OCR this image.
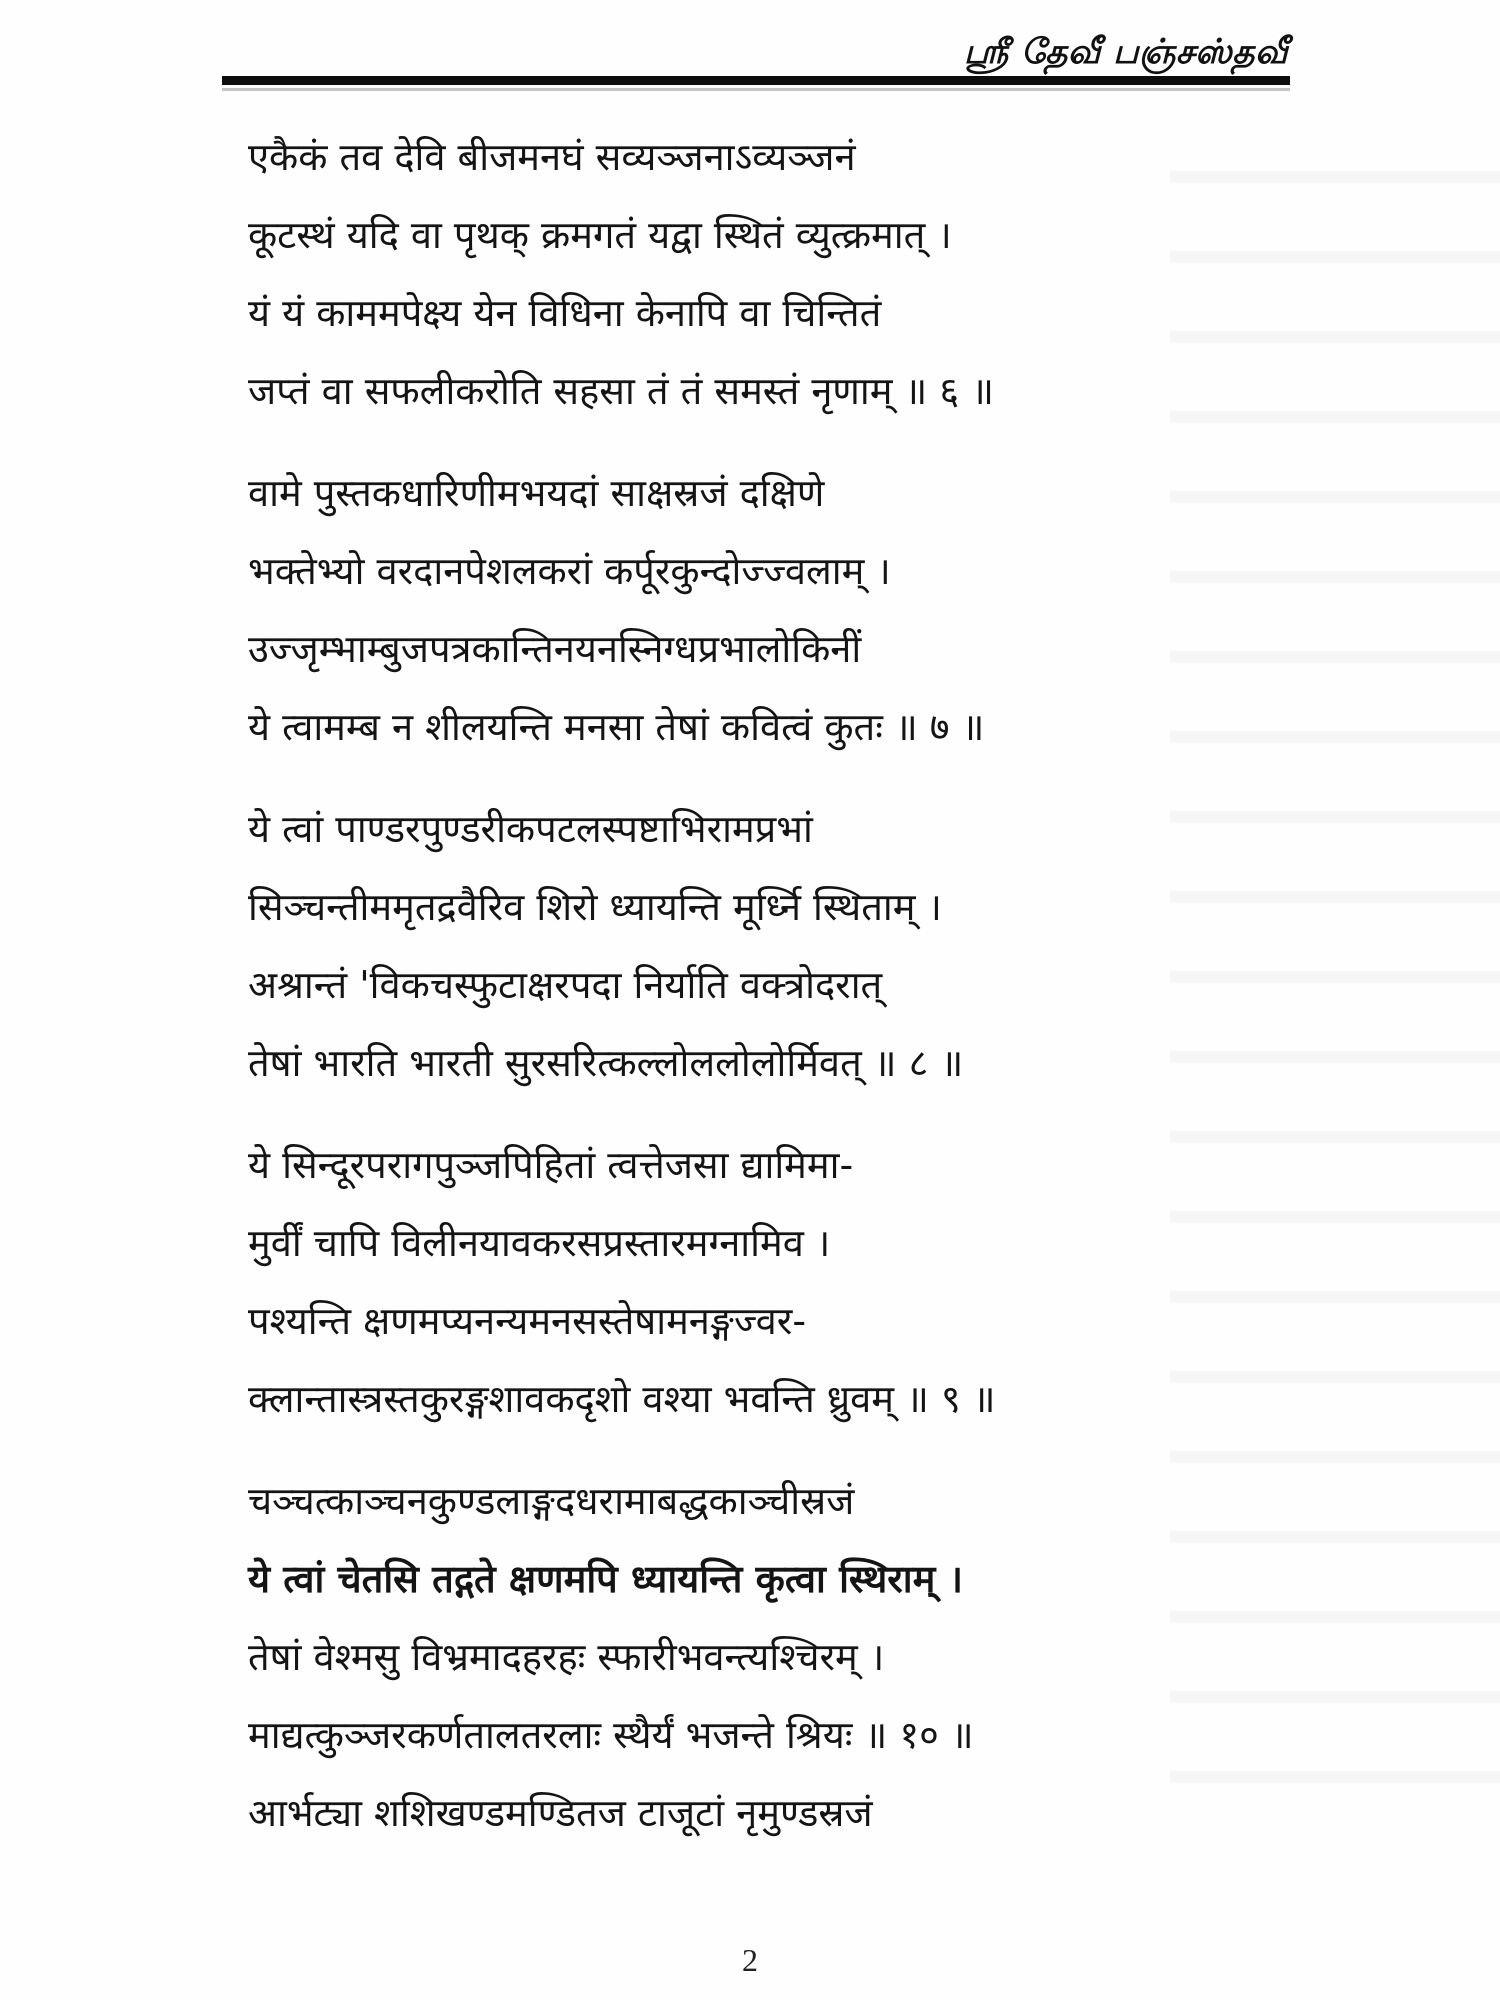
ஸ்ரீ தேவீ பஞ்சஸ்தவீ
एकैकं तव देवि बीजमनघं सव्यञ्जनाऽव्यञ्जनं
कूटस्थं यदि वा पृथक् क्रमगतं यद्वा स्थितं व्युत्क्रमात् ।
यं यं काममपेक्ष्य येन विधिना केनापि वा चिन्तितं
जप्तं वा सफलीकरोति सहसा तं तं समस्तं नृणाम् ॥ ६ ॥
वामे पुस्तकधारिणीमभयदां साक्षस्रजं दक्षिणे
भक्तेभ्यो वरदानपेशलकरां कर्पूरकुन्दोज्ज्वलाम् ।
उज्जृम्भाम्बुजपत्रकान्तिनयनस्निग्धप्रभालोकिनीं
ये त्वामम्ब न शीलयन्ति मनसा तेषां कवित्वं कुतः ॥ ७ ॥
ये त्वां पाण्डरपुण्डरीकपटलस्पष्टाभिरामप्रभां
सिञ्चन्तीममृतद्रवैरिव शिरो ध्यायन्ति मूर्ध्नि स्थिताम् ।
अश्रान्तं 'विकचस्फुटाक्षरपदा निर्याति वक्त्रोदरात्
तेषां भारति भारती सुरसरित्कल्लोललोलोर्मिवत् ॥ ८ ॥
ये सिन्दूरपरागपुञ्जपिहितां त्वत्तेजसा द्यामिमा-
मुर्वीं चापि विलीनयावकरसप्रस्तारमग्नामिव ।
पश्यन्ति क्षणमप्यनन्यमनसस्तेषामनङ्गज्वर-
क्लान्तास्त्रस्तकुरङ्गशावकदृशो वश्या भवन्ति ध्रुवम् ॥ ९ ॥
चञ्चत्काञ्चनकुण्डलाङ्गदधरामाबद्धकाञ्चीस्रजं
ये त्वां चेतसि तद्गते क्षणमपि ध्यायन्ति कृत्वा स्थिराम् ।
तेषां वेश्मसु विभ्रमादहरहः स्फारीभवन्त्यश्चिरम् ।
माद्यत्कुञ्जरकर्णतालतरलाः स्थैर्यं भजन्ते श्रियः ॥ १० ॥
आर्भट्या शशिखण्डमण्डितज टाजूटां नृमुण्डस्रजं
2
